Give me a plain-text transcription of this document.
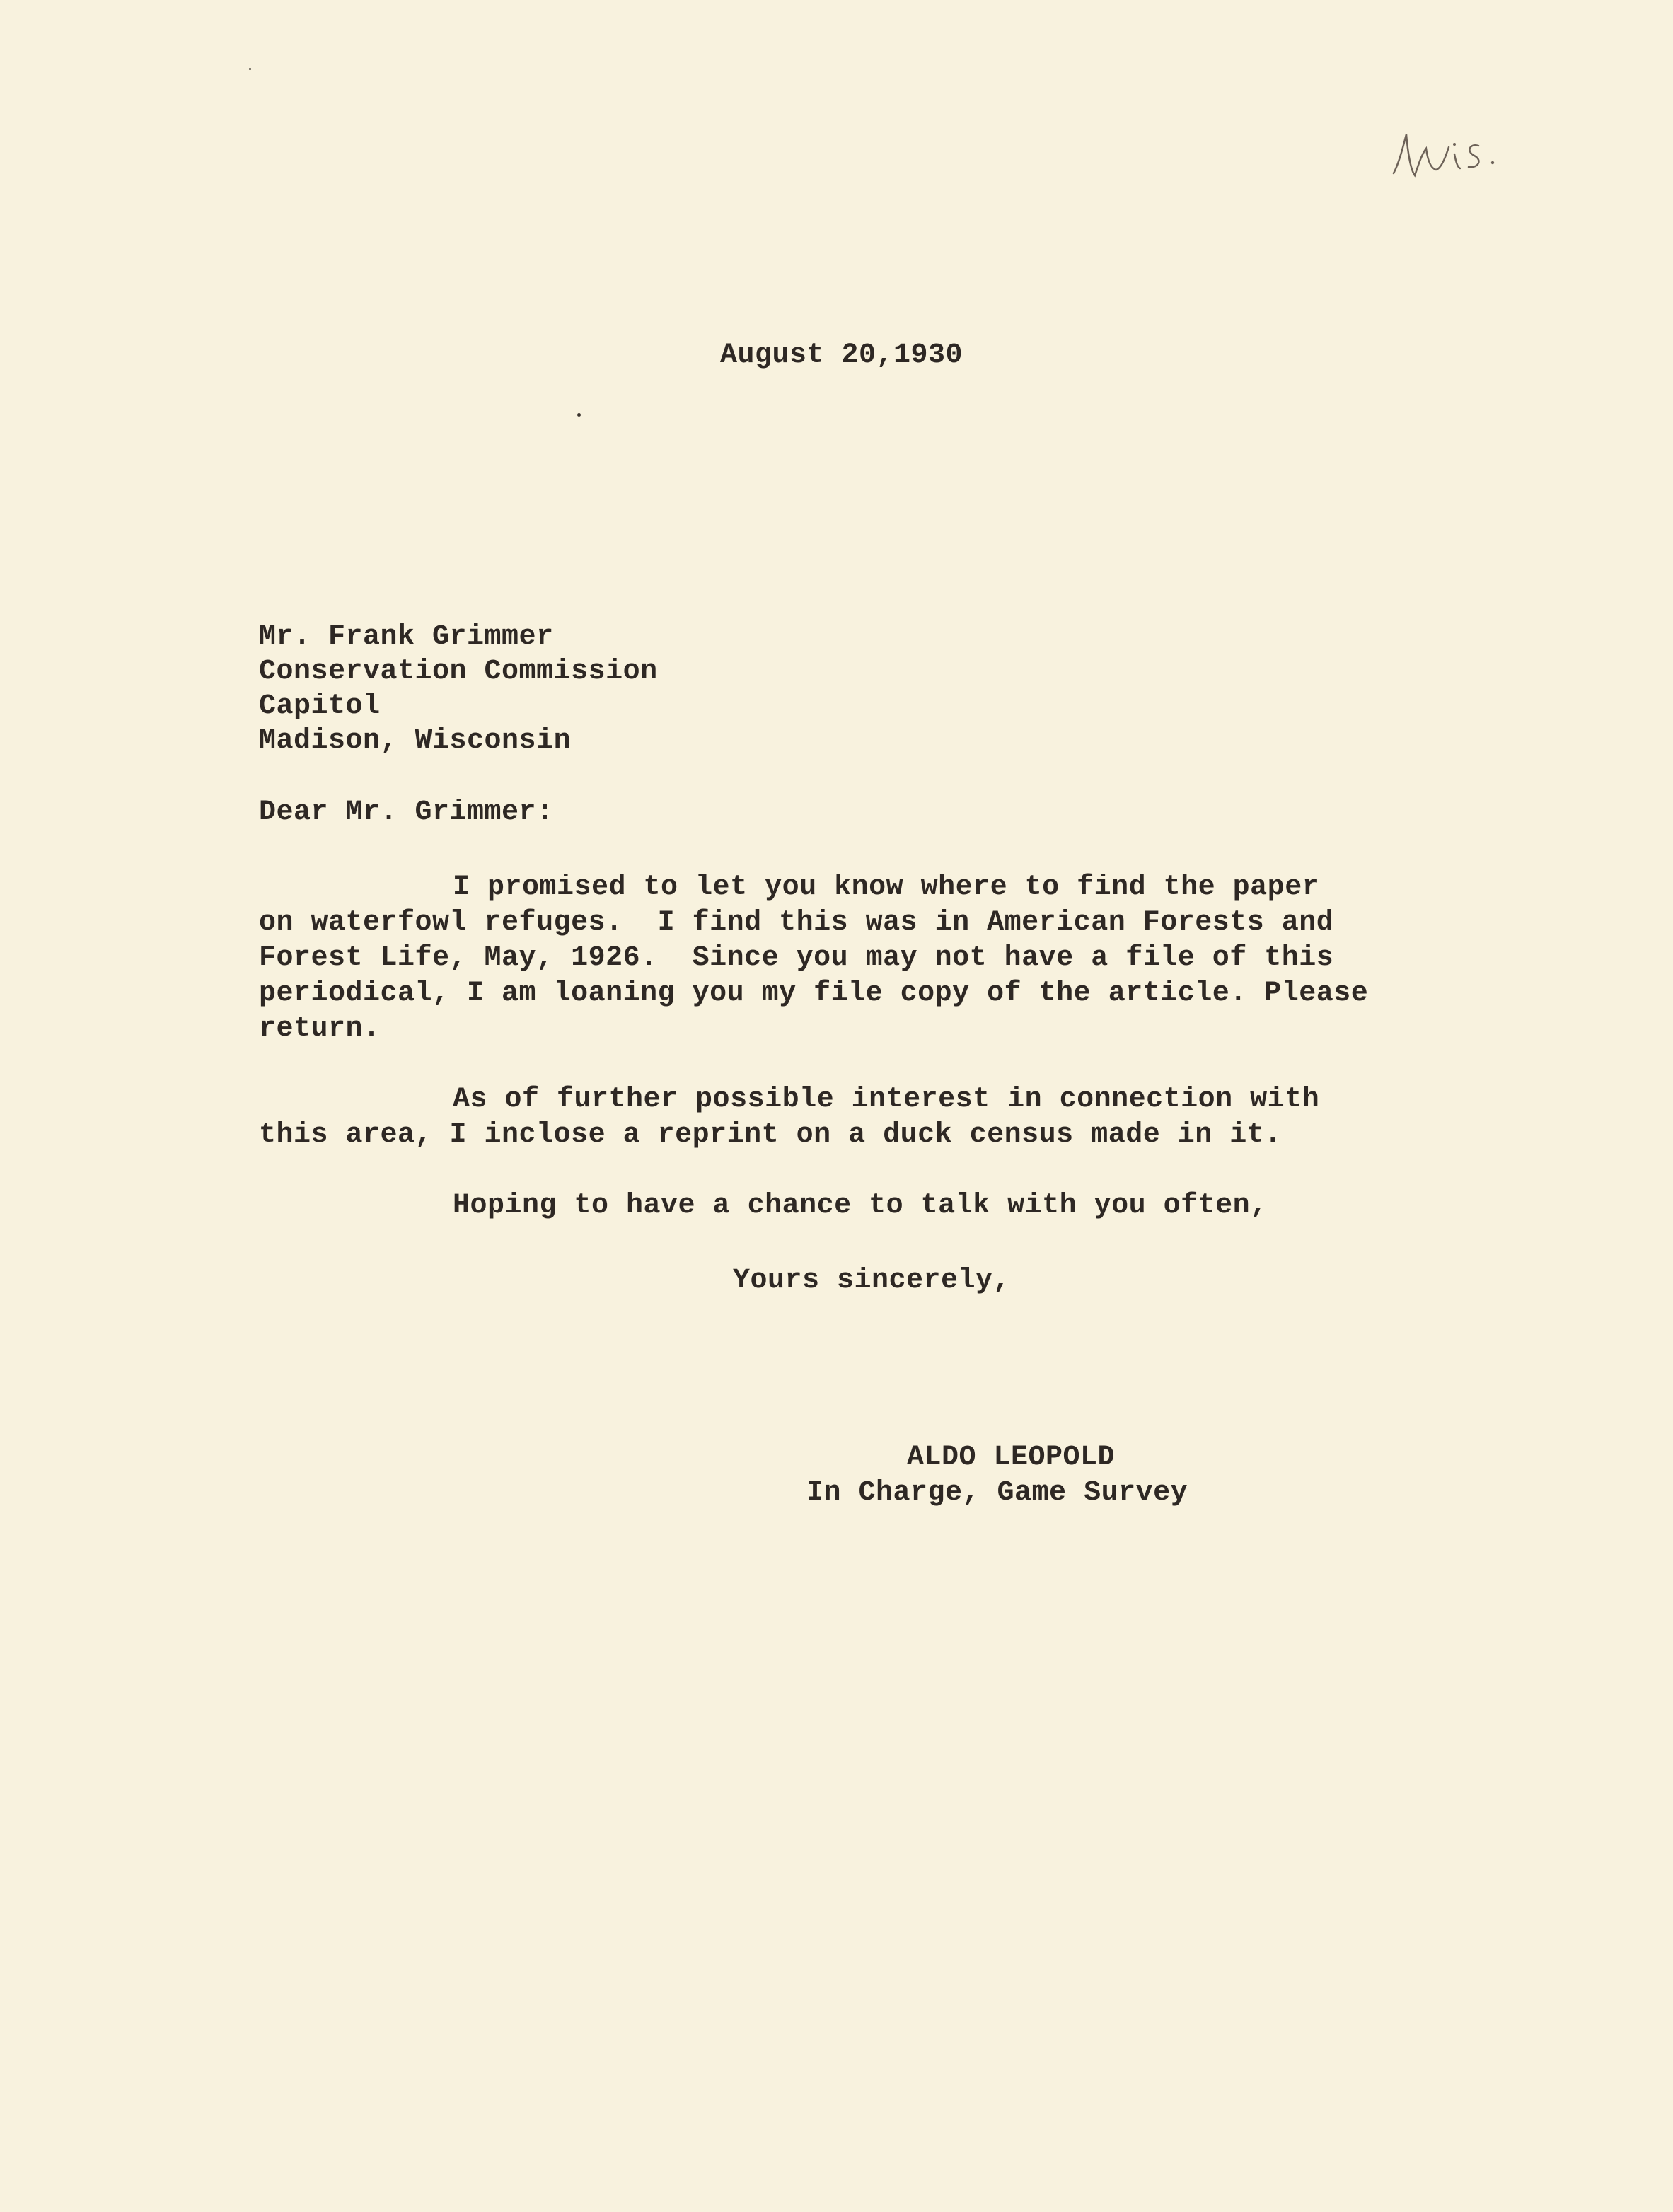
August 20,1930
Mr. Frank Grimmer
Conservation Commission
Capitol
Madison, Wisconsin
Dear Mr. Grimmer:
I promised to let you know where to find the paper
on waterfowl refuges.  I find this was in American Forests and
Forest Life, May, 1926.  Since you may not have a file of this
periodical, I am loaning you my file copy of the article. Please
return.
As of further possible interest in connection with
this area, I inclose a reprint on a duck census made in it.
Hoping to have a chance to talk with you often,
Yours sincerely,
ALDO LEOPOLD
In Charge, Game Survey
